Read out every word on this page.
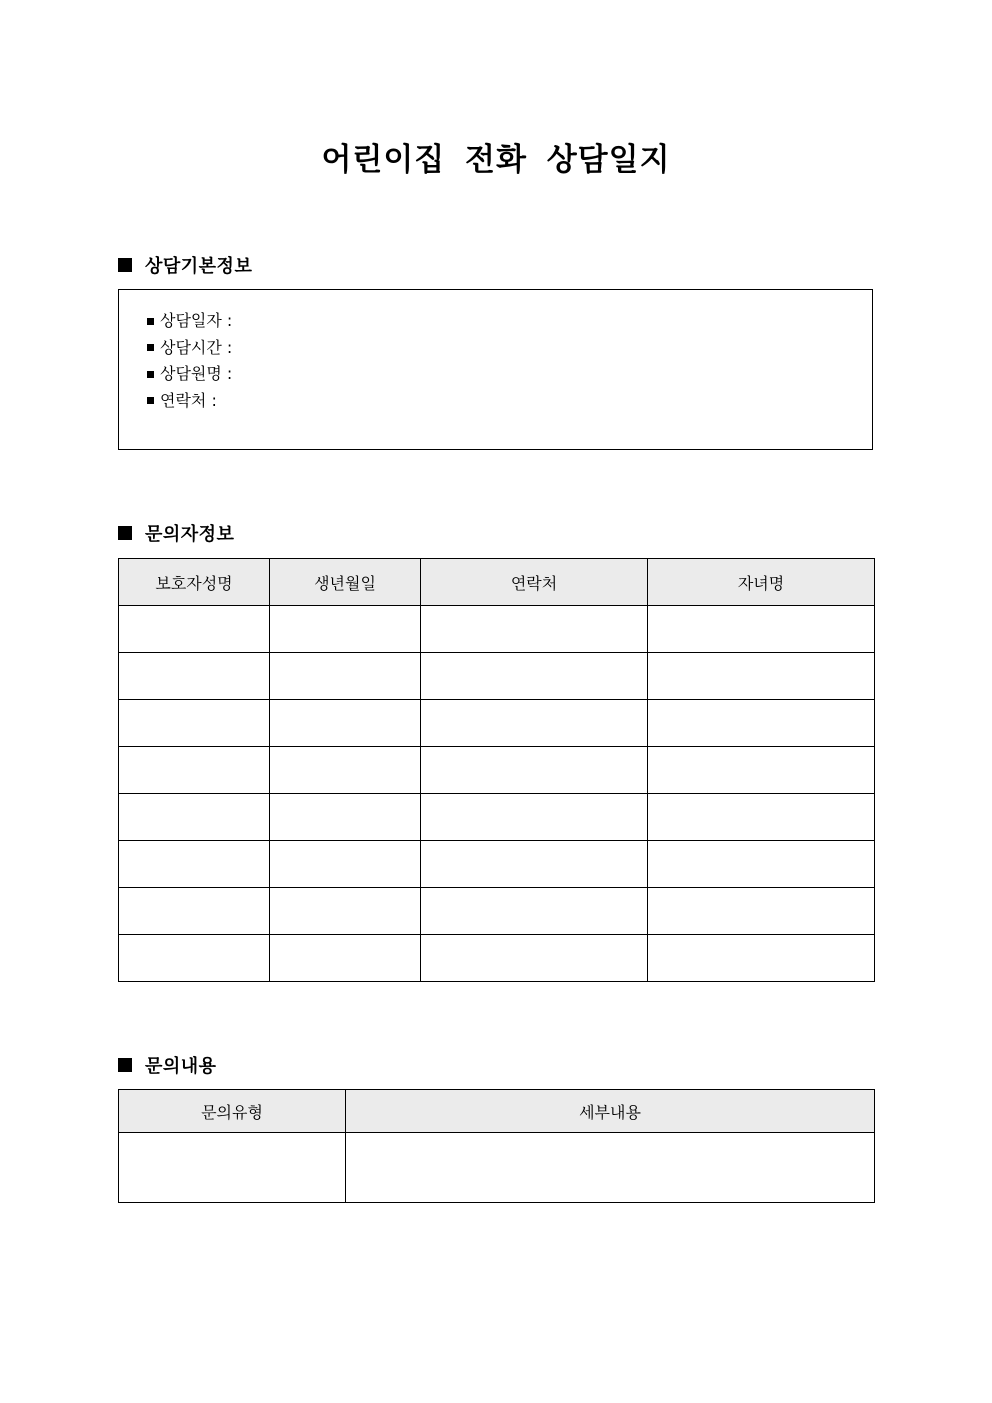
어린이집 전화 상담일지
상담기본정보
상담일자 :
상담시간 :
상담원명 :
연락처 :
문의자정보
보호자성명	생년월일	연락처	자녀명

문의내용
문의유형	세부내용
